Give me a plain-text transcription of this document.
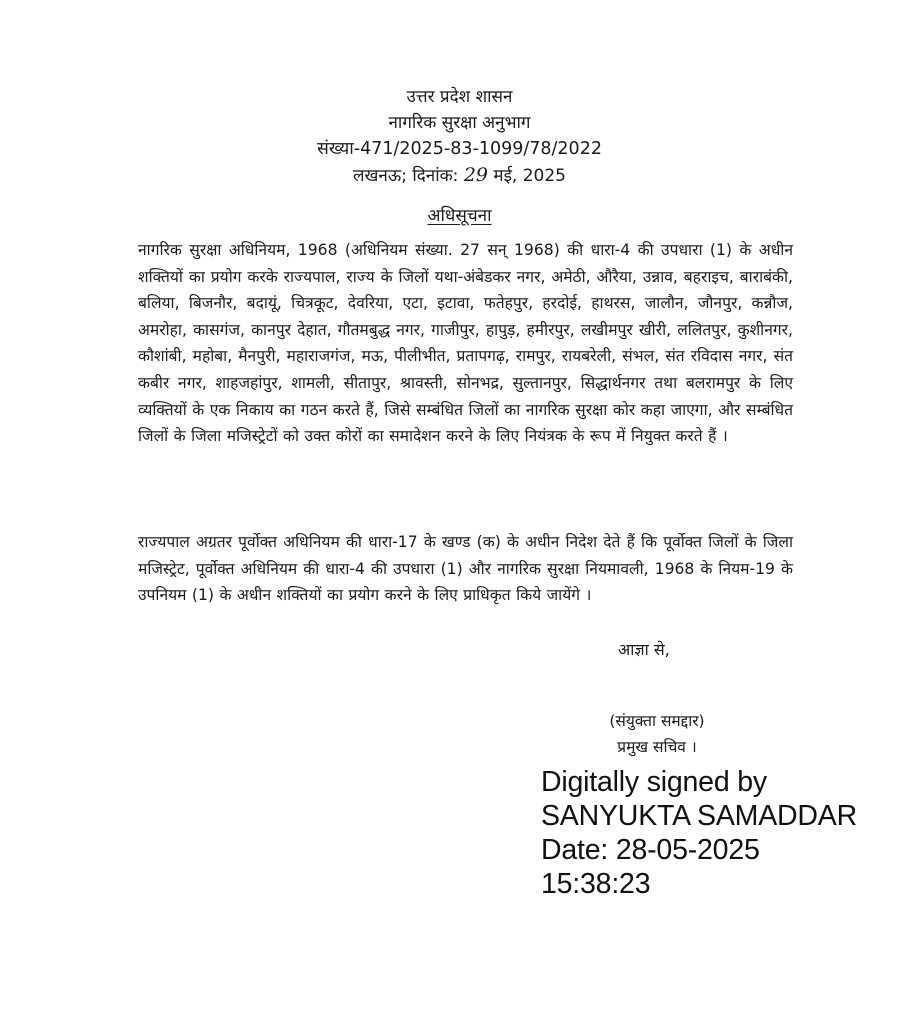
उत्तर प्रदेश शासन
नागरिक सुरक्षा अनुभाग
संख्या-471/2025-83-1099/78/2022
लखनऊ; दिनांक: 29 मई, 2025
अधिसूचना
नागरिक सुरक्षा अधिनियम, 1968 (अधिनियम संख्या. 27 सन् 1968) की धारा-4 की उपधारा (1) के अधीन शक्तियों का प्रयोग करके राज्यपाल, राज्य के जिलों यथा-अंबेडकर नगर, अमेठी, औरैया, उन्नाव, बहराइच, बाराबंकी, बलिया, बिजनौर, बदायूं, चित्रकूट, देवरिया, एटा, इटावा, फतेहपुर, हरदोई, हाथरस, जालौन, जौनपुर, कन्नौज, अमरोहा, कासगंज, कानपुर देहात, गौतमबुद्ध नगर, गाजीपुर, हापुड़, हमीरपुर, लखीमपुर खीरी, ललितपुर, कुशीनगर, कौशांबी, महोबा, मैनपुरी, महाराजगंज, मऊ, पीलीभीत, प्रतापगढ़, रामपुर, रायबरेली, संभल, संत रविदास नगर, संत कबीर नगर, शाहजहांपुर, शामली, सीतापुर, श्रावस्ती, सोनभद्र, सुल्तानपुर, सिद्धार्थनगर तथा बलरामपुर के लिए व्यक्तियों के एक निकाय का गठन करते हैं, जिसे सम्बंधित जिलों का नागरिक सुरक्षा कोर कहा जाएगा, और सम्बंधित जिलों के जिला मजिस्ट्रेटों को उक्त कोरों का समादेशन करने के लिए नियंत्रक के रूप में नियुक्त करते हैं ।
राज्यपाल अग्रतर पूर्वोक्त अधिनियम की धारा-17 के खण्ड (क) के अधीन निदेश देते हैं कि पूर्वोक्त जिलों के जिला मजिस्ट्रेट, पूर्वोक्त अधिनियम की धारा-4 की उपधारा (1) और नागरिक सुरक्षा नियमावली, 1968 के नियम-19 के उपनियम (1) के अधीन शक्तियों का प्रयोग करने के लिए प्राधिकृत किये जायेंगे ।
आज्ञा से,
(संयुक्ता समद्दार)
प्रमुख सचिव ।
Digitally signed by
SANYUKTA SAMADDAR
Date: 28-05-2025
15:38:23
